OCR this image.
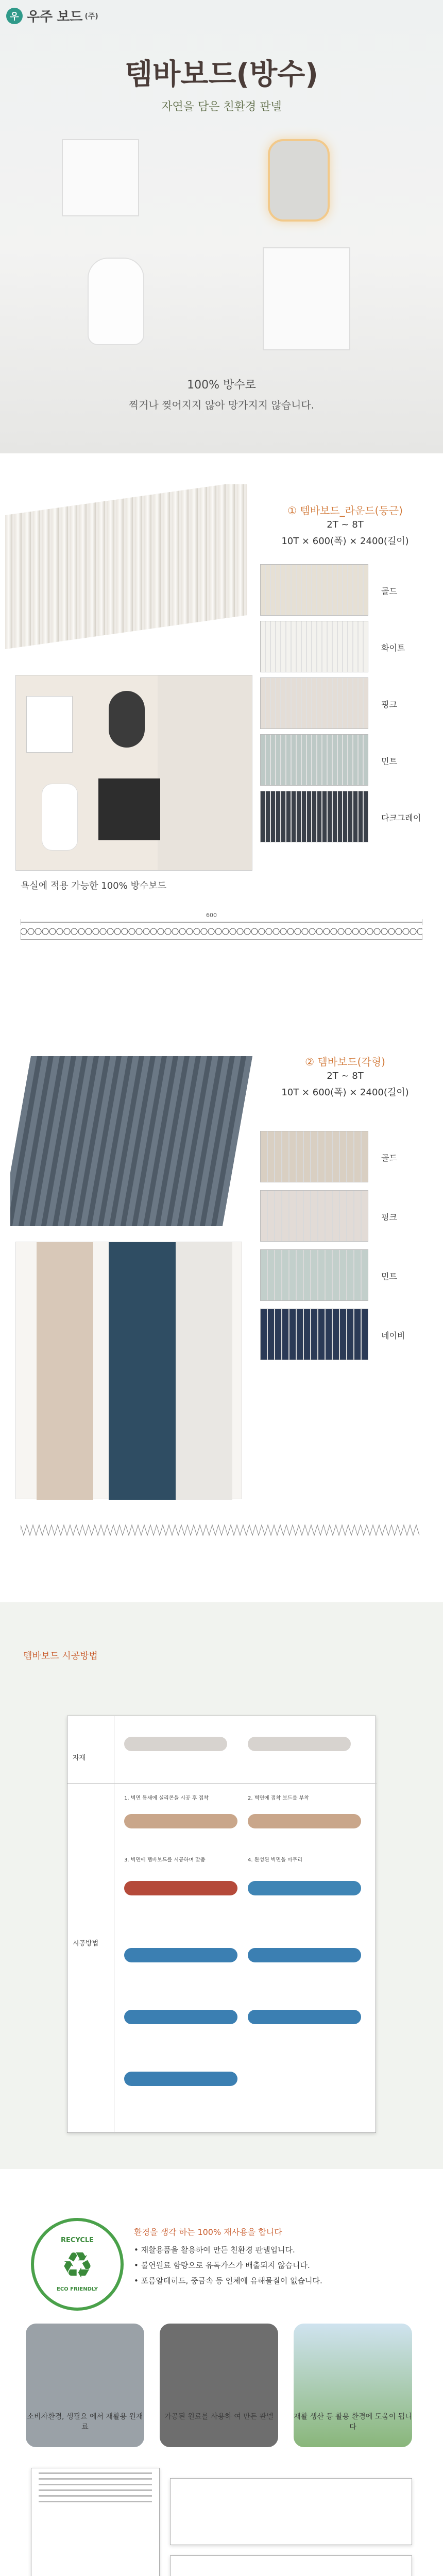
우 우주 보드 (주)
템바보드(방수)
자연을 담은 친환경 판넬
100% 방수로
찍거나 찢어지지 않아 망가지지 않습니다.
① 템바보드_라운드(둥근)
2T ~ 8T
10T × 600(폭) × 2400(길이)
골드
화이트
핑크
민트
다크그레이
욕실에 적용 가능한 100% 방수보드
600
② 템바보드(각형)
2T ~ 8T
10T × 600(폭) × 2400(길이)
골드
핑크
민트
네이비
템바보드 시공방법
자재
시공방법
1. 벽면 틈새에 실리콘을 시공 후 접착	2. 벽면에 접착 보드를 부착
3. 벽면에 템바보드를 시공하며 맞춤	4. 완성된 벽면을 마무리
RECYCLE
♻
ECO FRIENDLY
환경을 생각 하는 100% 재사용을 합니다
• 재활용품을 활용하여 만든 친환경 판넬입니다.
• 불연원료 함량으로 유독가스가 배출되지 않습니다.
• 포름알데히드, 중금속 등 인체에 유해물질이 없습니다.
소비자환경, 생필요 에서 재활용 원재료
가공된 원료를 사용하 여 만든 판넬	재활 생산 등 활용 환경에 도움이 됩니다
